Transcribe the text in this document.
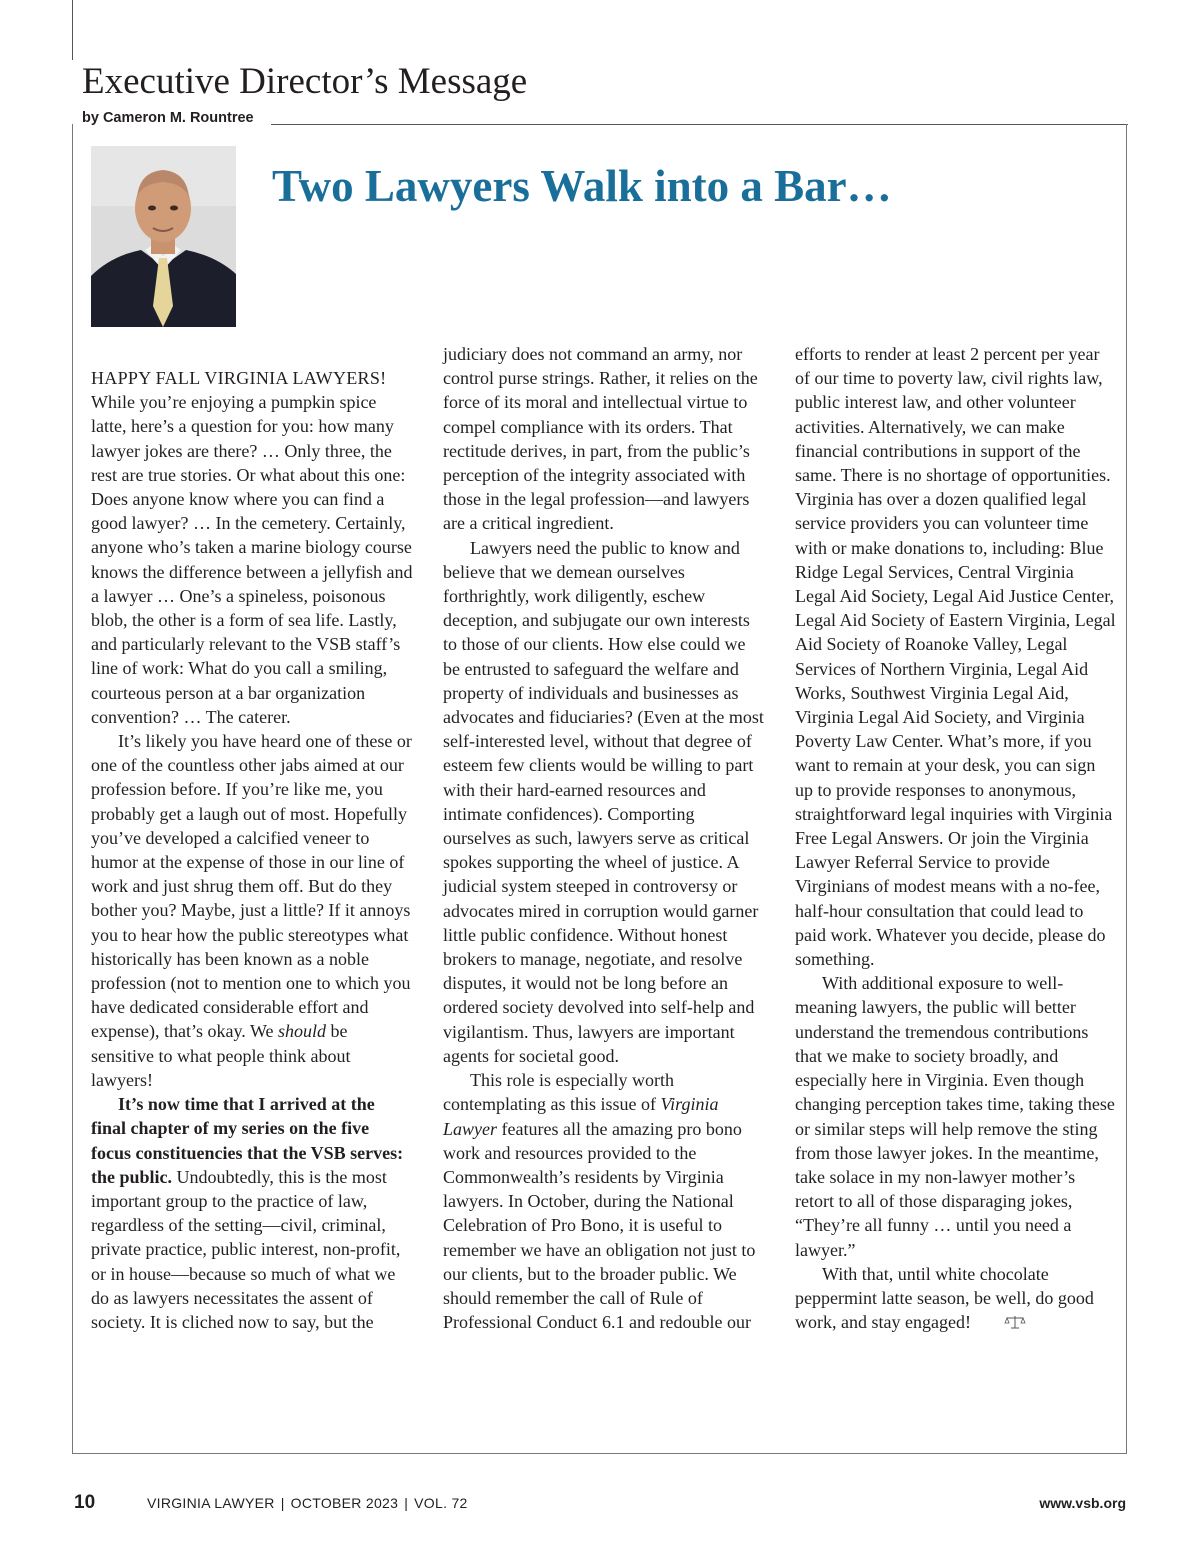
Executive Director’s Message
by Cameron M. Rountree
Two Lawyers Walk into a Bar…

HAPPY FALL VIRGINIA LAWYERS! While you’re enjoying a pumpkin spice latte, here’s a question for you: how many lawyer jokes are there? … Only three, the rest are true stories. Or what about this one: Does anyone know where you can find a good lawyer? … In the cemetery. Certainly, anyone who’s taken a marine biology course knows the difference between a jellyfish and a lawyer … One’s a spineless, poisonous blob, the other is a form of sea life. Lastly, and particularly relevant to the VSB staff’s line of work: What do you call a smiling, courteous person at a bar organization convention? … The caterer.

It’s likely you have heard one of these or one of the countless other jabs aimed at our profession before. If you’re like me, you probably get a laugh out of most. Hopefully you’ve developed a calcified veneer to humor at the expense of those in our line of work and just shrug them off. But do they bother you? Maybe, just a little? If it annoys you to hear how the public stereotypes what historically has been known as a noble profession (not to mention one to which you have dedicated considerable effort and expense), that’s okay. We should be sensitive to what people think about lawyers!

It’s now time that I arrived at the final chapter of my series on the five focus constituencies that the VSB serves: the public. Undoubtedly, this is the most important group to the practice of law, regardless of the setting—civil, criminal, private practice, public interest, non-profit, or in house—because so much of what we do as lawyers necessitates the assent of society. It is cliched now to say, but the

judiciary does not command an army, nor control purse strings. Rather, it relies on the force of its moral and intellectual virtue to compel compliance with its orders. That rectitude derives, in part, from the public’s perception of the integrity associated with those in the legal profession—and lawyers are a critical ingredient.

Lawyers need the public to know and believe that we demean ourselves forthrightly, work diligently, eschew deception, and subjugate our own interests to those of our clients. How else could we be entrusted to safeguard the welfare and property of individuals and businesses as advocates and fiduciaries? (Even at the most self-interested level, without that degree of esteem few clients would be willing to part with their hard-earned resources and intimate confidences). Comporting ourselves as such, lawyers serve as critical spokes supporting the wheel of justice. A judicial system steeped in controversy or advocates mired in corruption would garner little public confidence. Without honest brokers to manage, negotiate, and resolve disputes, it would not be long before an ordered society devolved into self-help and vigilantism. Thus, lawyers are important agents for societal good.

This role is especially worth contemplating as this issue of Virginia Lawyer features all the amazing pro bono work and resources provided to the Commonwealth’s residents by Virginia lawyers. In October, during the National Celebration of Pro Bono, it is useful to remember we have an obligation not just to our clients, but to the broader public. We should remember the call of Rule of Professional Conduct 6.1 and redouble our

efforts to render at least 2 percent per year of our time to poverty law, civil rights law, public interest law, and other volunteer activities. Alternatively, we can make financial contributions in support of the same. There is no shortage of opportunities. Virginia has over a dozen qualified legal service providers you can volunteer time with or make donations to, including: Blue Ridge Legal Services, Central Virginia Legal Aid Society, Legal Aid Justice Center, Legal Aid Society of Eastern Virginia, Legal Aid Society of Roanoke Valley, Legal Services of Northern Virginia, Legal Aid Works, Southwest Virginia Legal Aid, Virginia Legal Aid Society, and Virginia Poverty Law Center. What’s more, if you want to remain at your desk, you can sign up to provide responses to anonymous, straightforward legal inquiries with Virginia Free Legal Answers. Or join the Virginia Lawyer Referral Service to provide Virginians of modest means with a no-fee, half-hour consultation that could lead to paid work. Whatever you decide, please do something.

With additional exposure to well-meaning lawyers, the public will better understand the tremendous contributions that we make to society broadly, and especially here in Virginia. Even though changing perception takes time, taking these or similar steps will help remove the sting from those lawyer jokes. In the meantime, take solace in my non-lawyer mother’s retort to all of those disparaging jokes, “They’re all funny … until you need a lawyer.”

With that, until white chocolate peppermint latte season, be well, do good work, and stay engaged!

10	VIRGINIA LAWYER | OCTOBER 2023 | VOL. 72	www.vsb.org
